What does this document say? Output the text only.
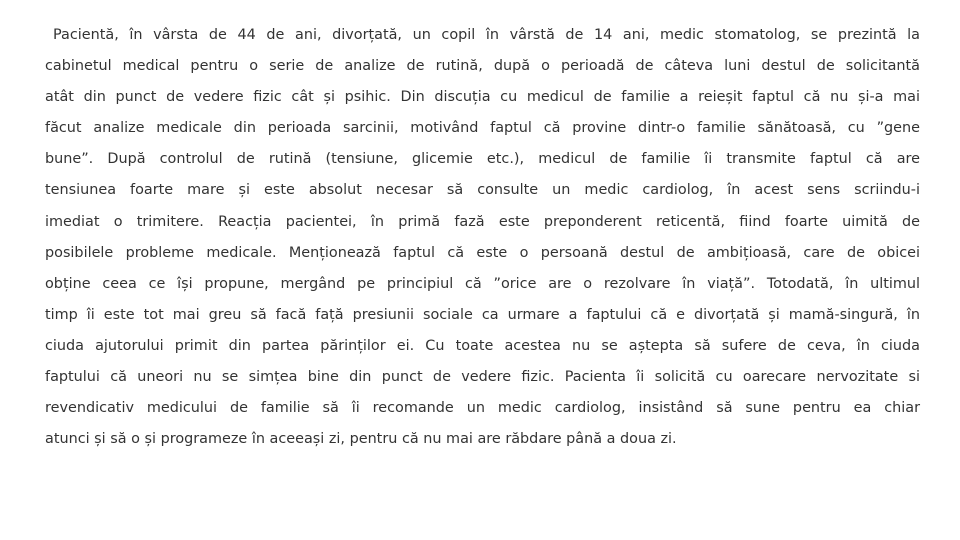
Pacientă, în vârsta de 44 de ani, divorțată, un copil în vârstă de 14 ani, medic stomatolog, se prezintă la
cabinetul medical pentru o serie de analize de rutină, după o perioadă de câteva luni destul de solicitantă
atât din punct de vedere fizic cât și psihic. Din discuția cu medicul de familie a reieșit faptul că nu și-a mai
făcut analize medicale din perioada sarcinii, motivând faptul că provine dintr-o familie sănătoasă, cu ”gene
bune”. După controlul de rutină (tensiune, glicemie etc.), medicul de familie îi transmite faptul că are
tensiunea foarte mare și este absolut necesar să consulte un medic cardiolog, în acest sens scriindu-i
imediat o trimitere. Reacția pacientei, în primă fază este preponderent reticentă, fiind foarte uimită de
posibilele probleme medicale. Menționează faptul că este o persoană destul de ambițioasă, care de obicei
obține ceea ce își propune, mergând pe principiul că ”orice are o rezolvare în viață”. Totodată, în ultimul
timp îi este tot mai greu să facă față presiunii sociale ca urmare a faptului că e divorțată și mamă-singură, în
ciuda ajutorului primit din partea părinților ei. Cu toate acestea nu se aștepta să sufere de ceva, în ciuda
faptului că uneori nu se simțea bine din punct de vedere fizic. Pacienta îi solicită cu oarecare nervozitate si
revendicativ medicului de familie să îi recomande un medic cardiolog, insistând să sune pentru ea chiar
atunci și să o și programeze în aceeași zi, pentru că nu mai are răbdare până a doua zi.
